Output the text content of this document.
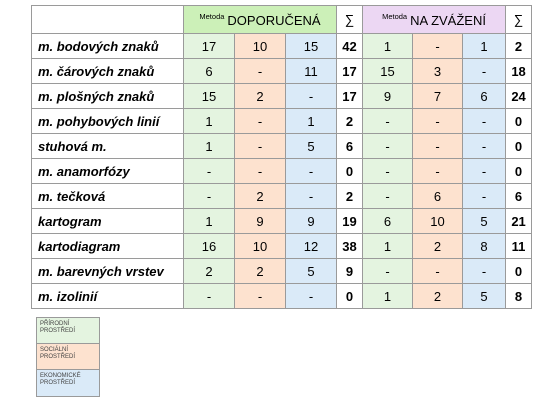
	$^{Metoda}$ DOPORUČENÁ			∑	$^{Metoda}$ NA ZVÁŽENÍ			∑
m. bodových znaků	17	10	15	42	1	-	1	2
m. čárových znaků	6	-	11	17	15	3	-	18
m. plošných znaků	15	2	-	17	9	7	6	24
m. pohybových linií	1	-	1	2	-	-	-	0
stuhová m.	1	-	5	6	-	-	-	0
m. anamorfózy	-	-	-	0	-	-	-	0
m. tečková	-	2	-	2	-	6	-	6
kartogram	1	9	9	19	6	10	5	21
kartodiagram	16	10	12	38	1	2	8	11
m. barevných vrstev	2	2	5	9	-	-	-	0
m. izolinií	-	-	-	0	1	2	5	8
PŘÍRODNÍ
PROSTŘEDÍ
SOCIÁLNÍ
PROSTŘEDÍ
EKONOMICKÉ
PROSTŘEDÍ
